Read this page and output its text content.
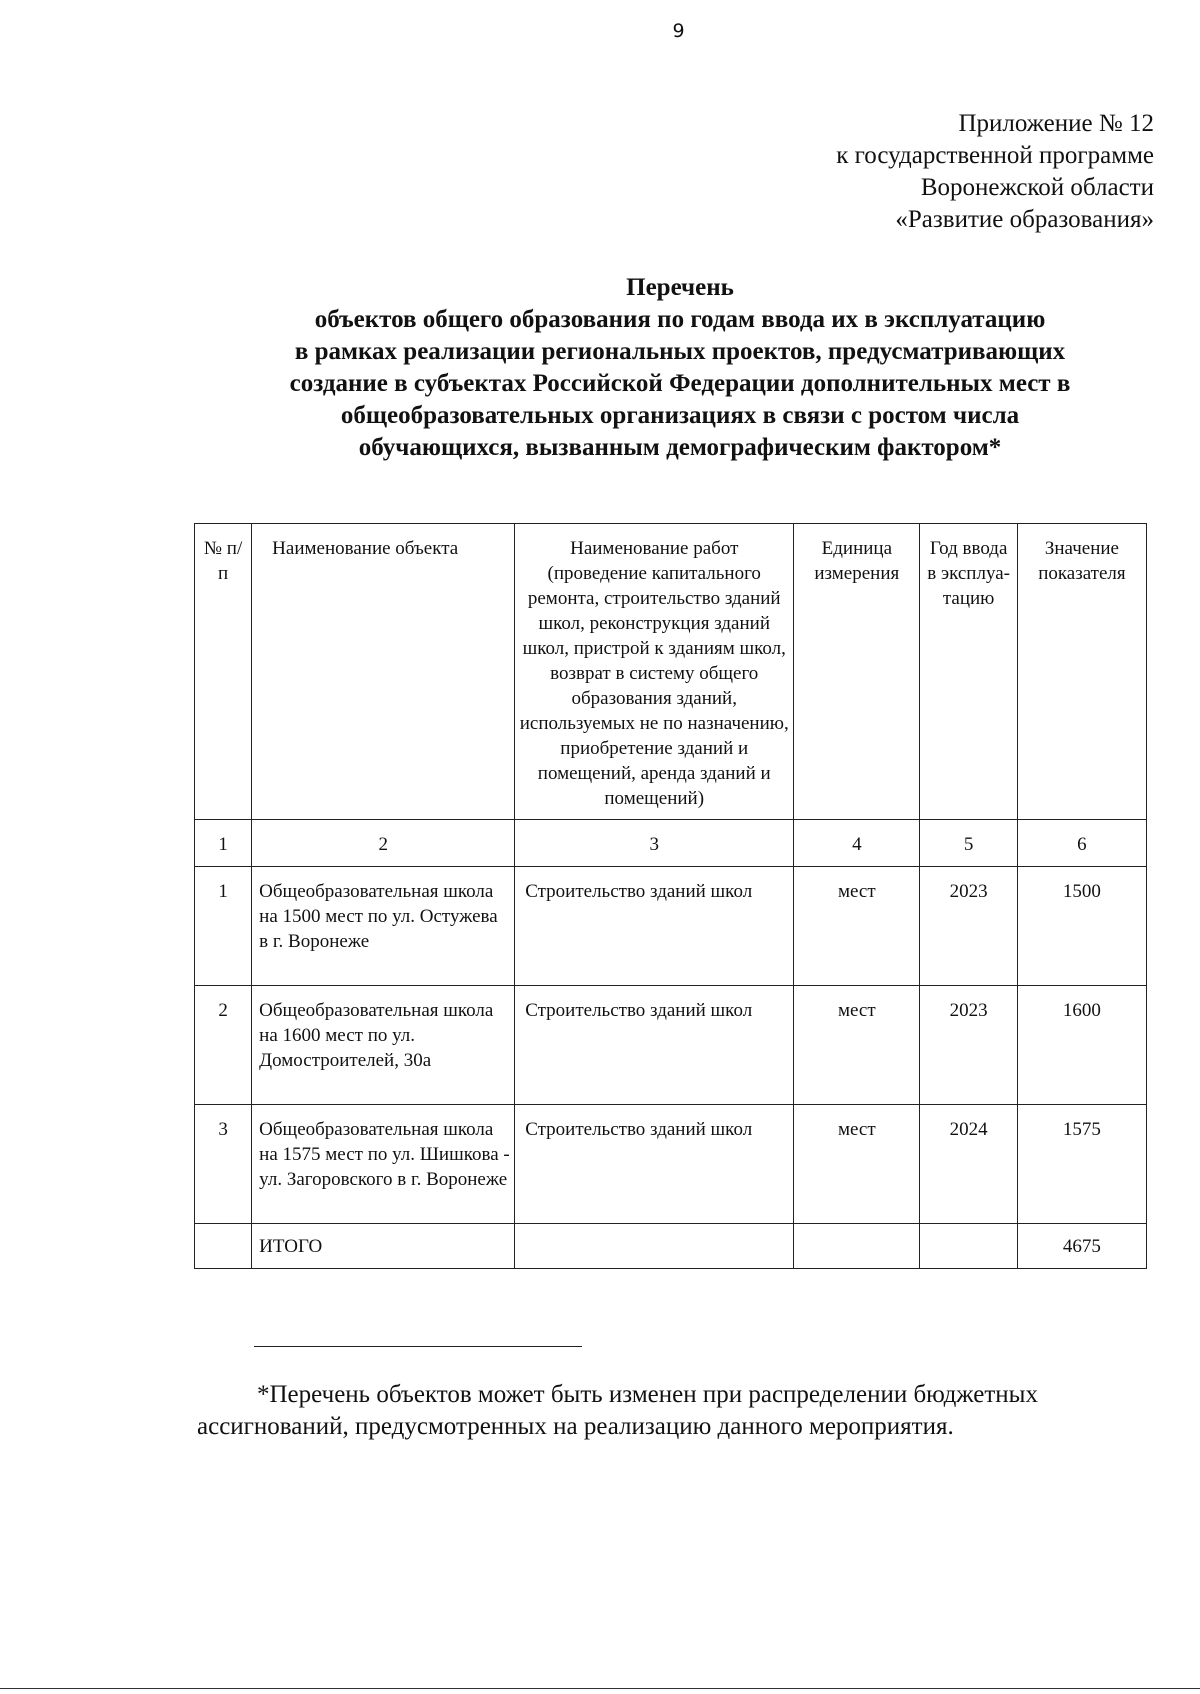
9
Приложение № 12
к государственной программе
Воронежской области
«Развитие образования»
Перечень
объектов общего образования по годам ввода их в эксплуатацию
в рамках реализации региональных проектов, предусматривающих
создание в субъектах Российской Федерации дополнительных мест в
общеобразовательных организациях в связи с ростом числа
обучающихся, вызванным демографическим фактором*
№ п/п	Наименование объекта	Наименование работ (проведение капитального ремонта, строительство зданий школ, реконструкция зданий школ, пристрой к зданиям школ, возврат в систему общего образования зданий, используемых не по назначению, приобретение зданий и помещений, аренда зданий и помещений)	Единица измерения	Год ввода в эксплуа-тацию	Значение показателя
1	2	3	4	5	6
1	Общеобразовательная школа на 1500 мест по ул. Остужева в г. Воронеже	Строительство зданий школ	мест	2023	1500
2	Общеобразовательная школа на 1600 мест по ул. Домостроителей, 30а	Строительство зданий школ	мест	2023	1600
3	Общеобразовательная школа на 1575 мест по ул. Шишкова - ул. Загоровского в г. Воронеже	Строительство зданий школ	мест	2024	1575
	ИТОГО				4675
*Перечень объектов может быть изменен при распределении бюджетных ассигнований, предусмотренных на реализацию данного мероприятия.
